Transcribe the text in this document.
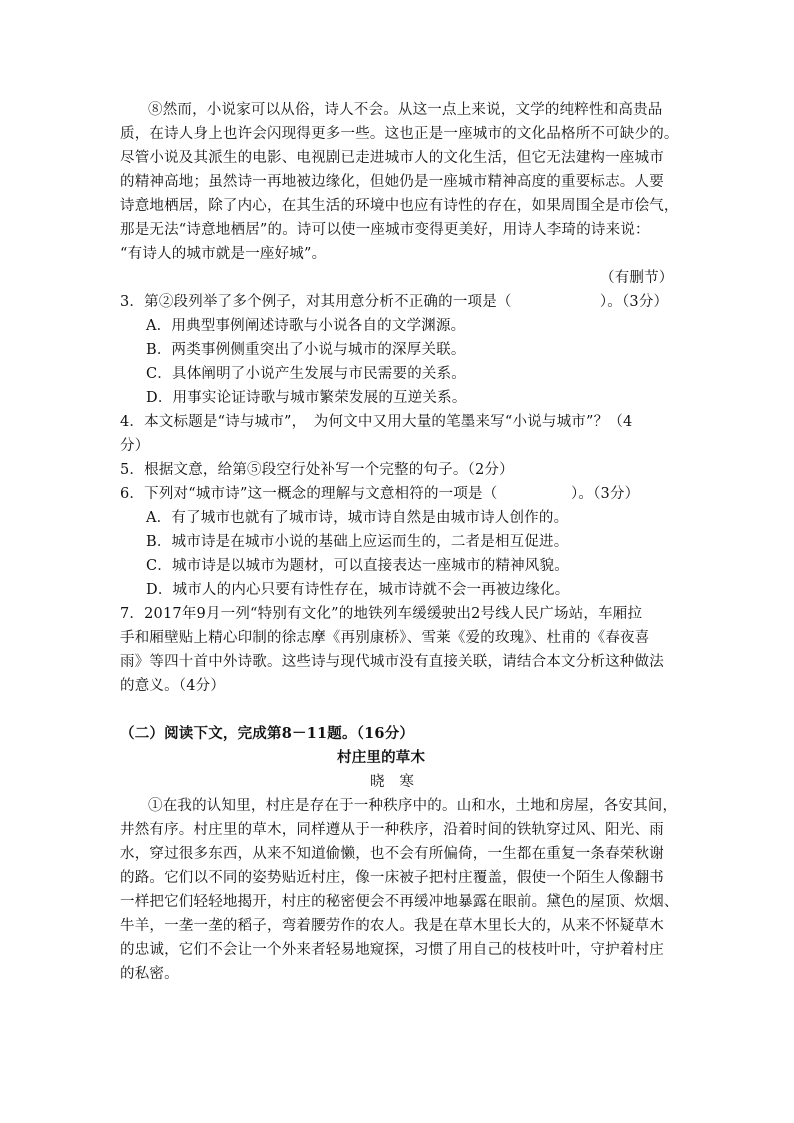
⑧然而，小说家可以从俗，诗人不会。从这一点上来说，文学的纯粹性和高贵品
质，在诗人身上也许会闪现得更多一些。这也正是一座城市的文化品格所不可缺少的。
尽管小说及其派生的电影、电视剧已走进城市人的文化生活，但它无法建构一座城市
的精神高地；虽然诗一再地被边缘化，但她仍是一座城市精神高度的重要标志。人要
诗意地栖居，除了内心，在其生活的环境中也应有诗性的存在，如果周围全是市侩气，
那是无法“诗意地栖居”的。诗可以使一座城市变得更美好，用诗人李琦的诗来说：
“有诗人的城市就是一座好城”。
（有删节）
3．第②段列举了多个例子，对其用意分析不正确的一项是（　　　　　　）。（3分）
A．用典型事例阐述诗歌与小说各自的文学渊源。
B．两类事例侧重突出了小说与城市的深厚关联。
C．具体阐明了小说产生发展与市民需要的关系。
D．用事实论证诗歌与城市繁荣发展的互逆关系。
4．本文标题是“诗与城市”，　为何文中又用大量的笔墨来写“小说与城市”？（4
分）
5．根据文意，给第⑤段空行处补写一个完整的句子。（2分）
6．下列对“城市诗”这一概念的理解与文意相符的一项是（　　　　　）。（3分）
A．有了城市也就有了城市诗，城市诗自然是由城市诗人创作的。
B．城市诗是在城市小说的基础上应运而生的，二者是相互促进。
C．城市诗是以城市为题材，可以直接表达一座城市的精神风貌。
D．城市人的内心只要有诗性存在，城市诗就不会一再被边缘化。
7．2017年9月一列“特别有文化”的地铁列车缓缓驶出2号线人民广场站，车厢拉
手和厢壁贴上精心印制的徐志摩《再别康桥》、雪莱《爱的玫瑰》、杜甫的《春夜喜
雨》等四十首中外诗歌。这些诗与现代城市没有直接关联，请结合本文分析这种做法
的意义。（4分）
（二）阅读下文，完成第8－11题。（16分）
村庄里的草木
晓　寒
①在我的认知里，村庄是存在于一种秩序中的。山和水，土地和房屋，各安其间，
井然有序。村庄里的草木，同样遵从于一种秩序，沿着时间的铁轨穿过风、阳光、雨
水，穿过很多东西，从来不知道偷懒，也不会有所偏倚，一生都在重复一条春荣秋谢
的路。它们以不同的姿势贴近村庄，像一床被子把村庄覆盖，假使一个陌生人像翻书
一样把它们轻轻地揭开，村庄的秘密便会不再缓冲地暴露在眼前。黛色的屋顶、炊烟、
牛羊，一垄一垄的稻子，弯着腰劳作的农人。我是在草木里长大的，从来不怀疑草木
的忠诚，它们不会让一个外来者轻易地窥探，习惯了用自己的枝枝叶叶，守护着村庄
的私密。
